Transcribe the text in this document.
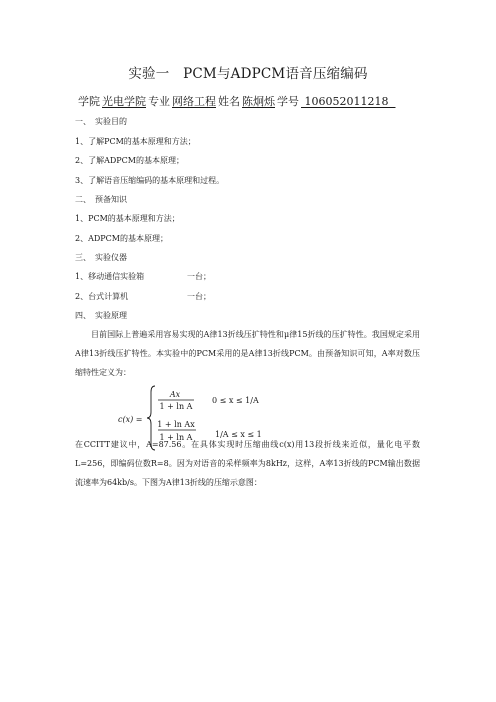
实验一　PCM与ADPCM语音压缩编码
学院 光电学院 专业 网络工程 姓名 陈炯烁 学号 106052011218
一、　实验目的
1、了解PCM的基本原理和方法；
2、了解ADPCM的基本原理；
3、了解语音压缩编码的基本原理和过程。
二、　预备知识
1、PCM的基本原理和方法；
2、ADPCM的基本原理；
三、　实验仪器
1、移动通信实验箱	一台；
2、台式计算机	一台；
四、　实验原理
目前国际上普遍采用容易实现的A律13折线压扩特性和μ律15折线的压扩特性。我国规定采用A律13折线压扩特性。本实验中的PCM采用的是A律13折线PCM。由预备知识可知，A率对数压缩特性定义为：
c(x) =
Ax
1 + ln A
0 ≤ x ≤ 1/A
1 + ln Ax
1 + ln A	1/A ≤ x ≤ 1
在CCITT建议中，A=87.56。在具体实现时压缩曲线c(x)用13段折线来近似，量化电平数L=256，即编码位数R=8。因为对语音的采样频率为8kHz，这样，A率13折线的PCM输出数据流速率为64kb/s。下图为A律13折线的压缩示意图：
